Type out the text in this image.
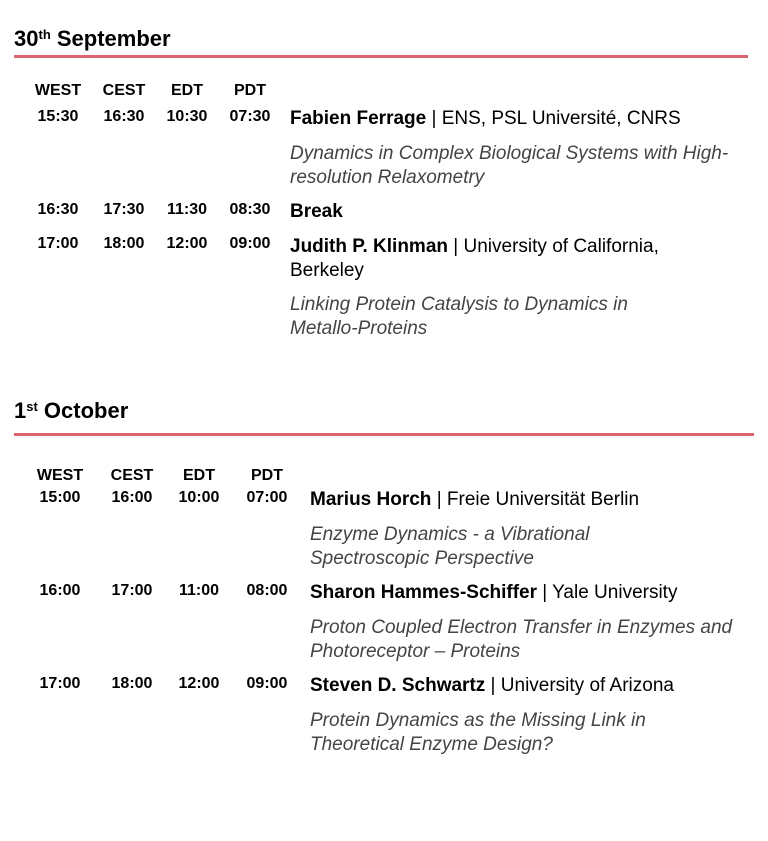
30th September
WEST	CEST	EDT	PDT
15:30	16:30	10:30	07:30	Fabien Ferrage | ENS, PSL Université, CNRS
Dynamics in Complex Biological Systems with High-resolution Relaxometry
16:30	17:30	11:30	08:30	Break
17:00	18:00	12:00	09:00	Judith P. Klinman | University of California, Berkeley
Linking Protein Catalysis to Dynamics in Metallo-Proteins
1st October
WEST	CEST	EDT	PDT
15:00	16:00	10:00	07:00	Marius Horch | Freie Universität Berlin
Enzyme Dynamics - a Vibrational Spectroscopic Perspective
16:00	17:00	11:00	08:00	Sharon Hammes-Schiffer | Yale University
Proton Coupled Electron Transfer in Enzymes and Photoreceptor – Proteins
17:00	18:00	12:00	09:00	Steven D. Schwartz | University of Arizona
Protein Dynamics as the Missing Link in Theoretical Enzyme Design?
